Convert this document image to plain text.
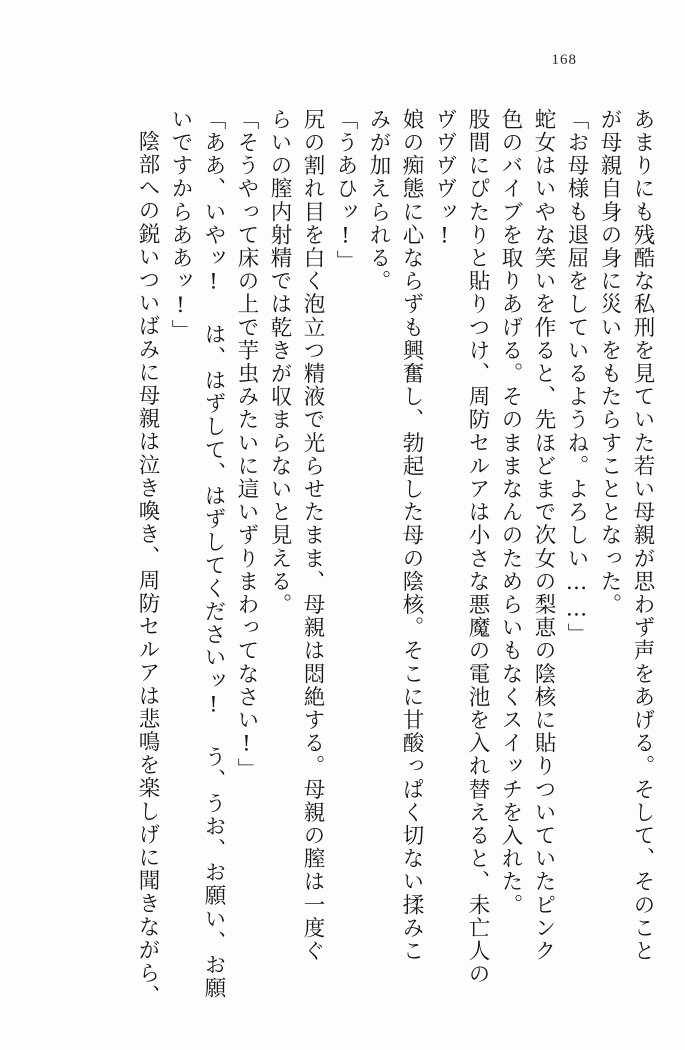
168
あまりにも残酷な私刑を見ていた若い母親が思わず声をあげる。そして、そのこと
が母親自身の身に災いをもたらすこととなった。
「お母様も退屈をしているようね。よろしい……」
蛇女はいやな笑いを作ると、先ほどまで次女の梨恵の陰核に貼りついていたピンク
色のバイブを取りあげる。そのままなんのためらいもなくスイッチを入れた。
股間にぴたりと貼りつけ、周防セルアは小さな悪魔の電池を入れ替えると、未亡人の
ヴヴヴヴッ!
娘の痴態に心ならずも興奮し、勃起した母の陰核。そこに甘酸っぱく切ない揉みこ
みが加えられる。
「うあひッ!」
尻の割れ目を白く泡立つ精液で光らせたまま、母親は悶絶する。母親の膣は一度ぐ
らいの膣内射精では乾きが収まらないと見える。
「そうやって床の上で芋虫みたいに這いずりまわってなさい!」
「ああ、いやッ! は、はずして、はずしてくださいッ! う、うお、お願い、お願
いですからああッ!」
陰部への鋭いついばみに母親は泣き喚き、周防セルアは悲鳴を楽しげに聞きながら、
